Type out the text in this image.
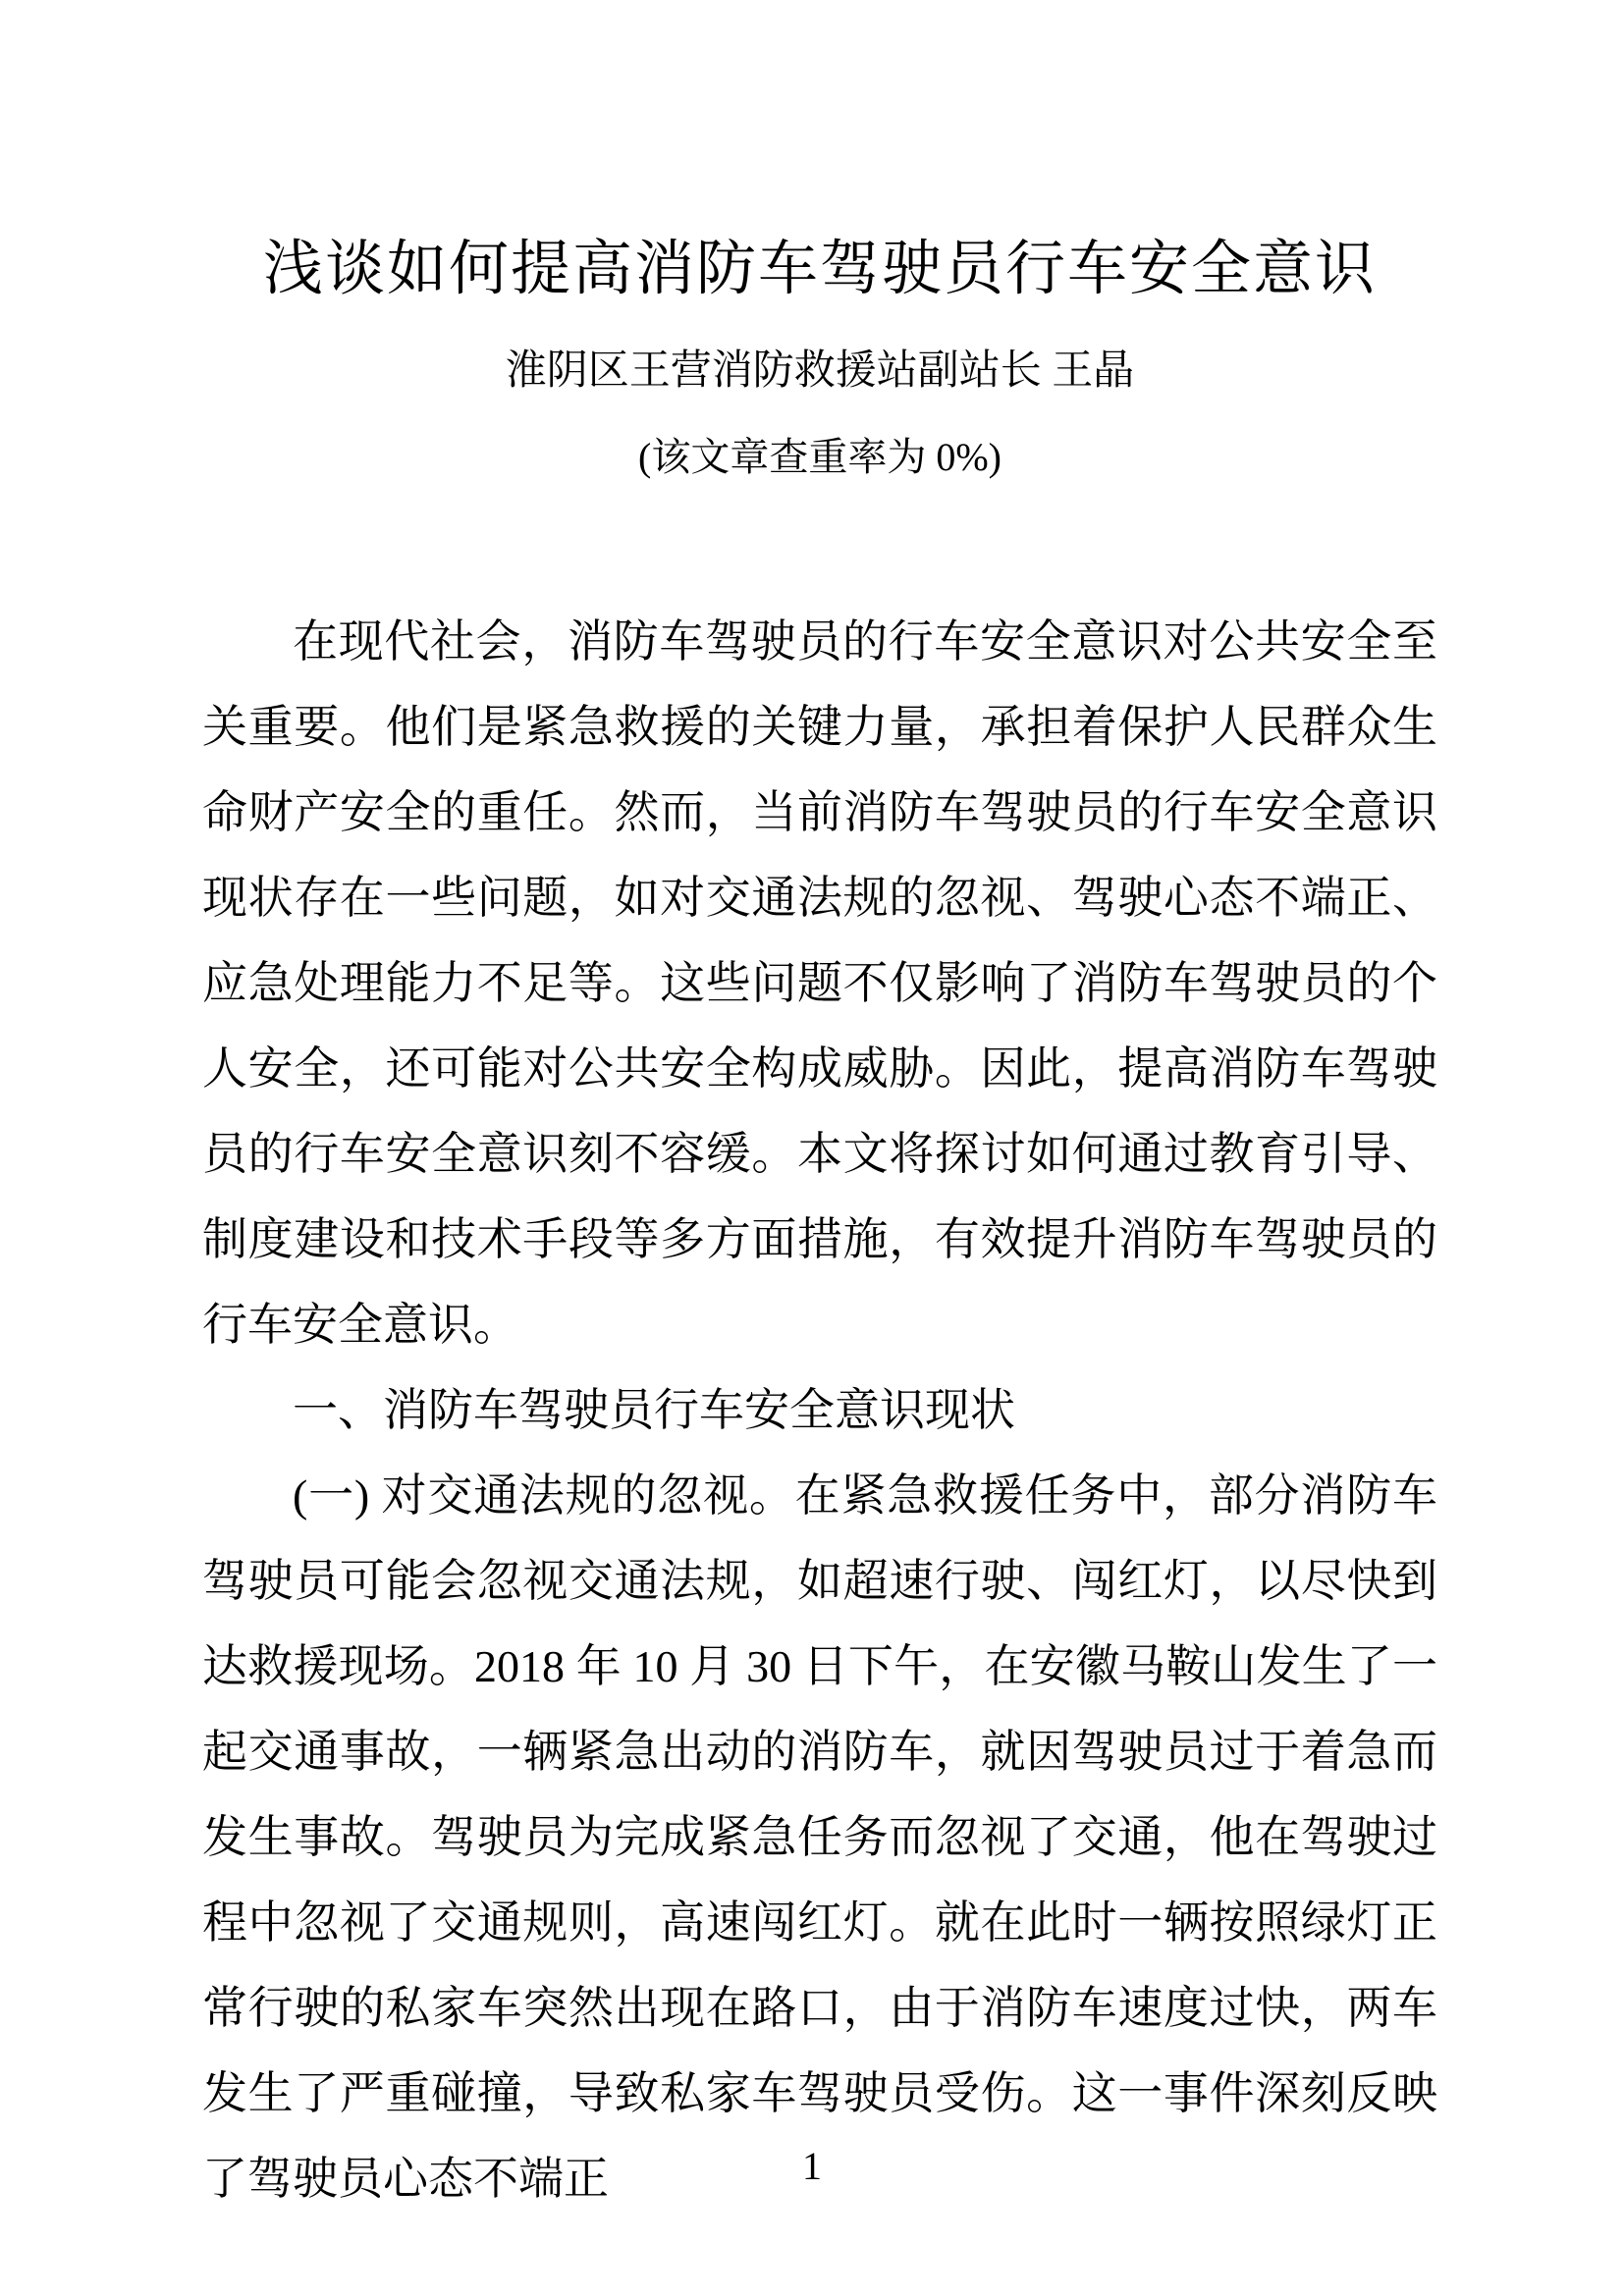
浅谈如何提高消防车驾驶员行车安全意识
淮阴区王营消防救援站副站长 王晶
(该文章查重率为 0%)

在现代社会，消防车驾驶员的行车安全意识对公共安全至关重要。他们是紧急救援的关键力量，承担着保护人民群众生命财产安全的重任。然而，当前消防车驾驶员的行车安全意识现状存在一些问题，如对交通法规的忽视、驾驶心态不端正、应急处理能力不足等。这些问题不仅影响了消防车驾驶员的个人安全，还可能对公共安全构成威胁。因此，提高消防车驾驶员的行车安全意识刻不容缓。本文将探讨如何通过教育引导、制度建设和技术手段等多方面措施，有效提升消防车驾驶员的行车安全意识。

一、消防车驾驶员行车安全意识现状

(一) 对交通法规的忽视。在紧急救援任务中，部分消防车驾驶员可能会忽视交通法规，如超速行驶、闯红灯，以尽快到达救援现场。2018 年 10 月 30 日下午，在安徽马鞍山发生了一起交通事故，一辆紧急出动的消防车，就因驾驶员过于着急而发生事故。驾驶员为完成紧急任务而忽视了交通，他在驾驶过程中忽视了交通规则，高速闯红灯。就在此时一辆按照绿灯正常行驶的私家车突然出现在路口，由于消防车速度过快，两车发生了严重碰撞，导致私家车驾驶员受伤。这一事件深刻反映了驾驶员心态不端正	1
